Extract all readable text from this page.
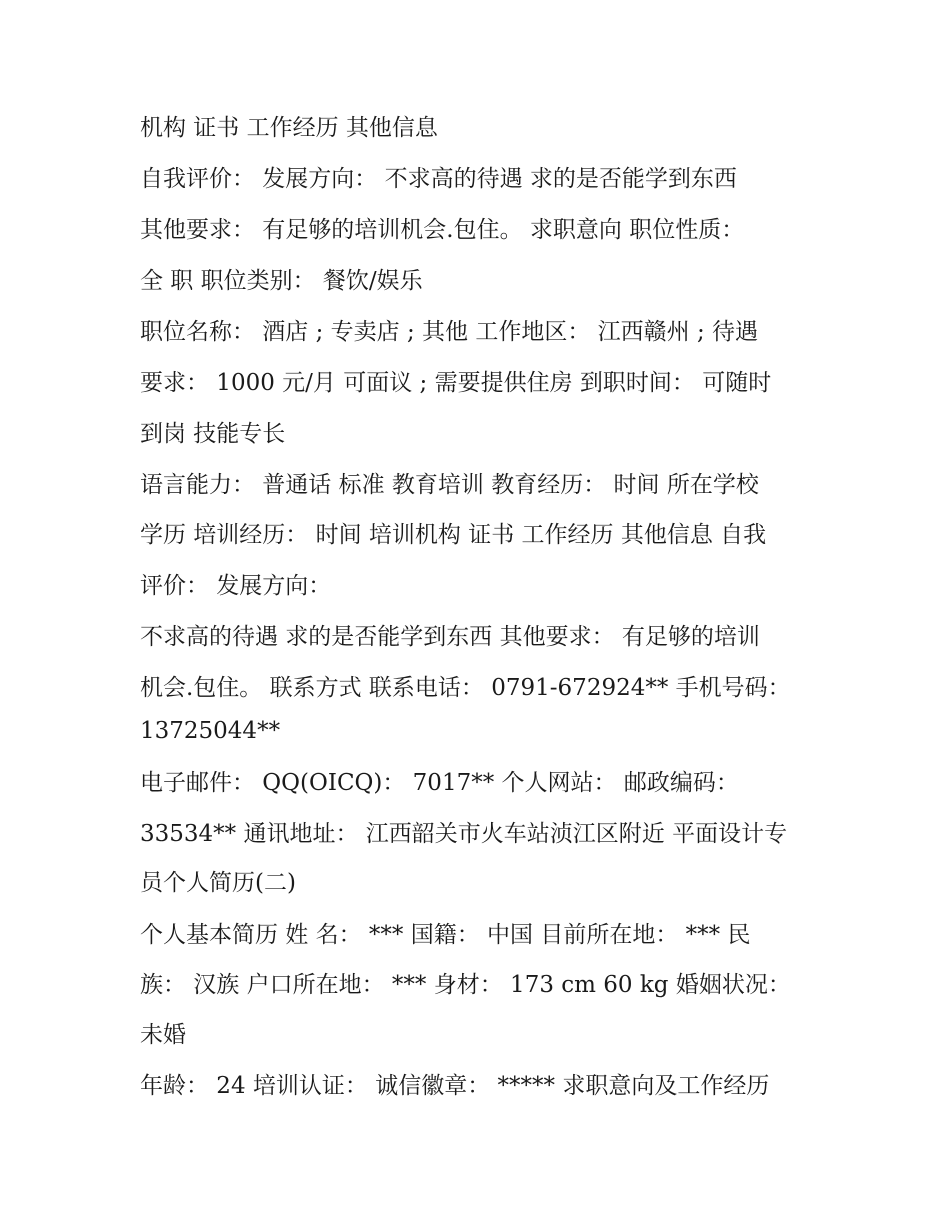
机构 证书 工作经历 其他信息

自我评价： 发展方向： 不求高的待遇 求的是否能学到东西

其他要求： 有足够的培训机会.包住。 求职意向 职位性质：

全 职 职位类别： 餐饮/娱乐

职位名称： 酒店 ; 专卖店 ; 其他 工作地区： 江西赣州 ; 待遇

要求： 1000 元/月 可面议 ; 需要提供住房 到职时间： 可随时

到岗 技能专长

语言能力： 普通话 标准 教育培训 教育经历： 时间 所在学校

学历 培训经历： 时间 培训机构 证书 工作经历 其他信息 自我

评价： 发展方向：

不求高的待遇 求的是否能学到东西 其他要求： 有足够的培训

机会.包住。 联系方式 联系电话： 0791-672924** 手机号码：

13725044**

电子邮件： QQ(OICQ)： 7017** 个人网站： 邮政编码：

33534** 通讯地址： 江西韶关市火车站浈江区附近 平面设计专

员个人简历(二)

个人基本简历 姓 名： *** 国籍： 中国 目前所在地： *** 民

族： 汉族 户口所在地： *** 身材： 173 cm 60 kg 婚姻状况：

未婚

年龄： 24 培训认证： 诚信徽章： ***** 求职意向及工作经历
